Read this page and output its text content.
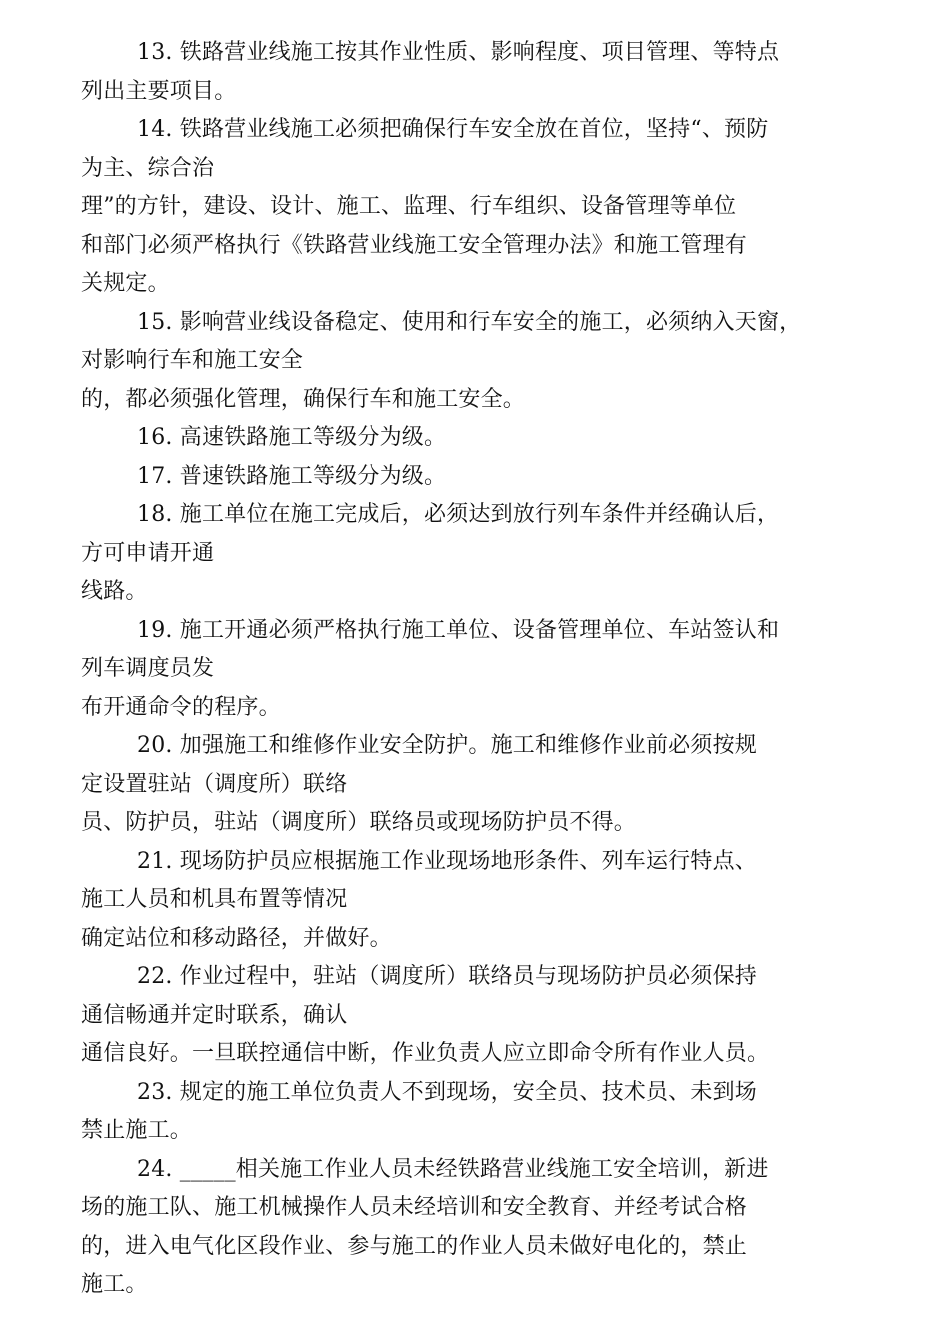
13. 铁路营业线施工按其作业性质、影响程度、项目管理、等特点
列出主要项目。
14. 铁路营业线施工必须把确保行车安全放在首位，坚持“、预防
为主、综合治
理”的方针，建设、设计、施工、监理、行车组织、设备管理等单位
和部门必须严格执行《铁路营业线施工安全管理办法》和施工管理有
关规定。
15. 影响营业线设备稳定、使用和行车安全的施工，必须纳入天窗，
对影响行车和施工安全
的，都必须强化管理，确保行车和施工安全。
16. 高速铁路施工等级分为级。
17. 普速铁路施工等级分为级。
18. 施工单位在施工完成后，必须达到放行列车条件并经确认后，
方可申请开通
线路。
19. 施工开通必须严格执行施工单位、设备管理单位、车站签认和
列车调度员发
布开通命令的程序。
20. 加强施工和维修作业安全防护。施工和维修作业前必须按规
定设置驻站（调度所）联络
员、防护员，驻站（调度所）联络员或现场防护员不得。
21. 现场防护员应根据施工作业现场地形条件、列车运行特点、
施工人员和机具布置等情况
确定站位和移动路径，并做好。
22. 作业过程中，驻站（调度所）联络员与现场防护员必须保持
通信畅通并定时联系，确认
通信良好。一旦联控通信中断，作业负责人应立即命令所有作业人员。
23. 规定的施工单位负责人不到现场，安全员、技术员、未到场
禁止施工。
24. _____相关施工作业人员未经铁路营业线施工安全培训，新进
场的施工队、施工机械操作人员未经培训和安全教育、并经考试合格
的，进入电气化区段作业、参与施工的作业人员未做好电化的，禁止
施工。
